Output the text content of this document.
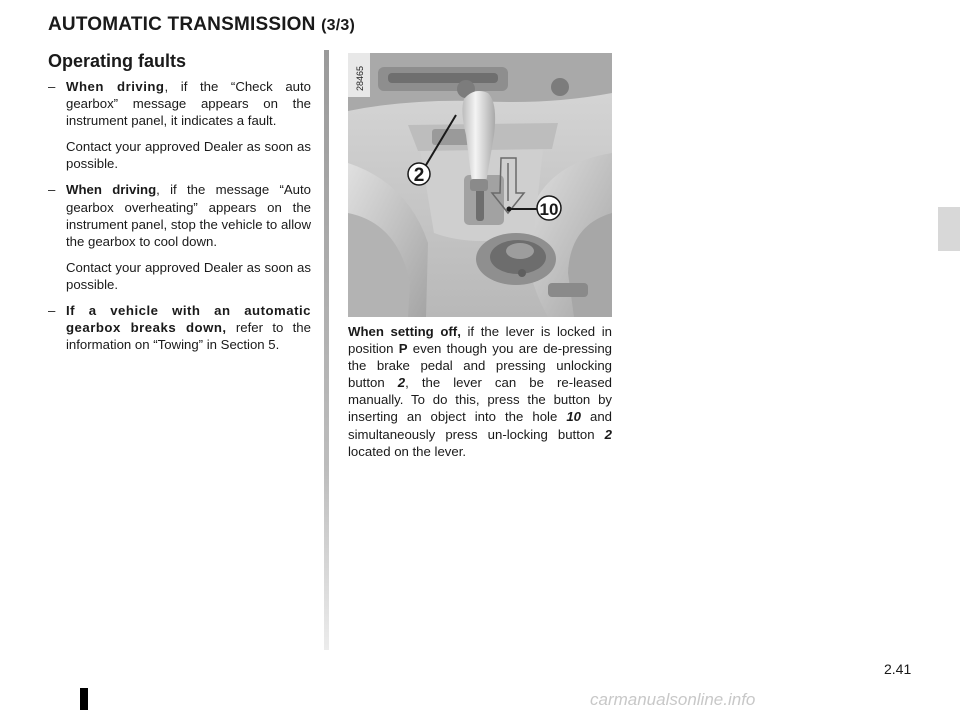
AUTOMATIC TRANSMISSION (3/3)
Operating faults
– When driving, if the “Check auto gearbox” message appears on the instrument panel, it indicates a fault.
Contact your approved Dealer as soon as possible.
– When driving, if the message “Auto gearbox overheating” appears on the instrument panel, stop the vehicle to allow the gearbox to cool down.
Contact your approved Dealer as soon as possible.
– If a vehicle with an automatic gearbox breaks down, refer to the information on “Towing” in Section 5.
2
10
28465
When setting off, if the lever is locked in position P even though you are de-pressing the brake pedal and pressing unlocking button 2, the lever can be re-leased manually. To do this, press the button by inserting an object into the hole 10 and simultaneously press un-locking button 2 located on the lever.
2.41
carmanualsonline.info
